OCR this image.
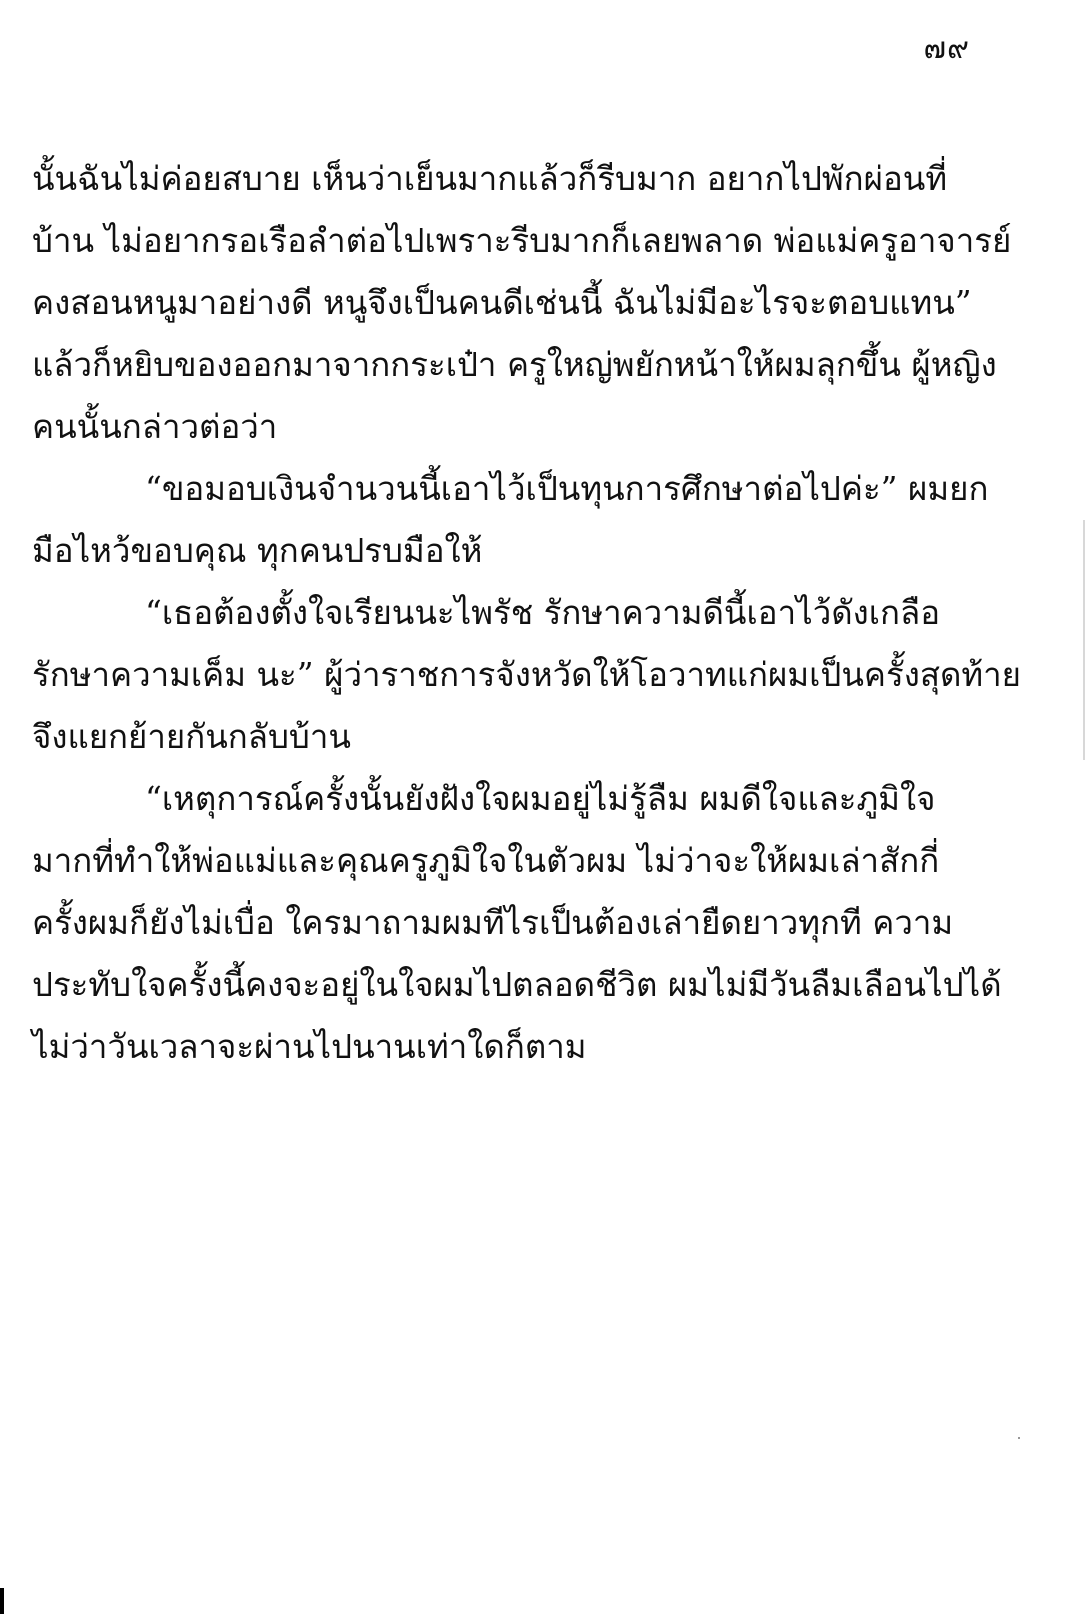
๗๙
นั้นฉันไม่ค่อยสบาย เห็นว่าเย็นมากแล้วก็รีบมาก อยากไปพักผ่อนที่
บ้าน ไม่อยากรอเรือลำต่อไปเพราะรีบมากก็เลยพลาด พ่อแม่ครูอาจารย์
คงสอนหนูมาอย่างดี หนูจึงเป็นคนดีเช่นนี้ ฉันไม่มีอะไรจะตอบแทน”
แล้วก็หยิบของออกมาจากกระเป๋า ครูใหญ่พยักหน้าให้ผมลุกขึ้น ผู้หญิง
คนนั้นกล่าวต่อว่า
“ขอมอบเงินจำนวนนี้เอาไว้เป็นทุนการศึกษาต่อไปค่ะ” ผมยก
มือไหว้ขอบคุณ ทุกคนปรบมือให้
“เธอต้องตั้งใจเรียนนะไพรัช รักษาความดีนี้เอาไว้ดังเกลือ
รักษาความเค็ม นะ” ผู้ว่าราชการจังหวัดให้โอวาทแก่ผมเป็นครั้งสุดท้าย
จึงแยกย้ายกันกลับบ้าน
“เหตุการณ์ครั้งนั้นยังฝังใจผมอยู่ไม่รู้ลืม ผมดีใจและภูมิใจ
มากที่ทำให้พ่อแม่และคุณครูภูมิใจในตัวผม ไม่ว่าจะให้ผมเล่าสักกี่
ครั้งผมก็ยังไม่เบื่อ ใครมาถามผมทีไรเป็นต้องเล่ายืดยาวทุกที ความ
ประทับใจครั้งนี้คงจะอยู่ในใจผมไปตลอดชีวิต ผมไม่มีวันลืมเลือนไปได้
ไม่ว่าวันเวลาจะผ่านไปนานเท่าใดก็ตาม
